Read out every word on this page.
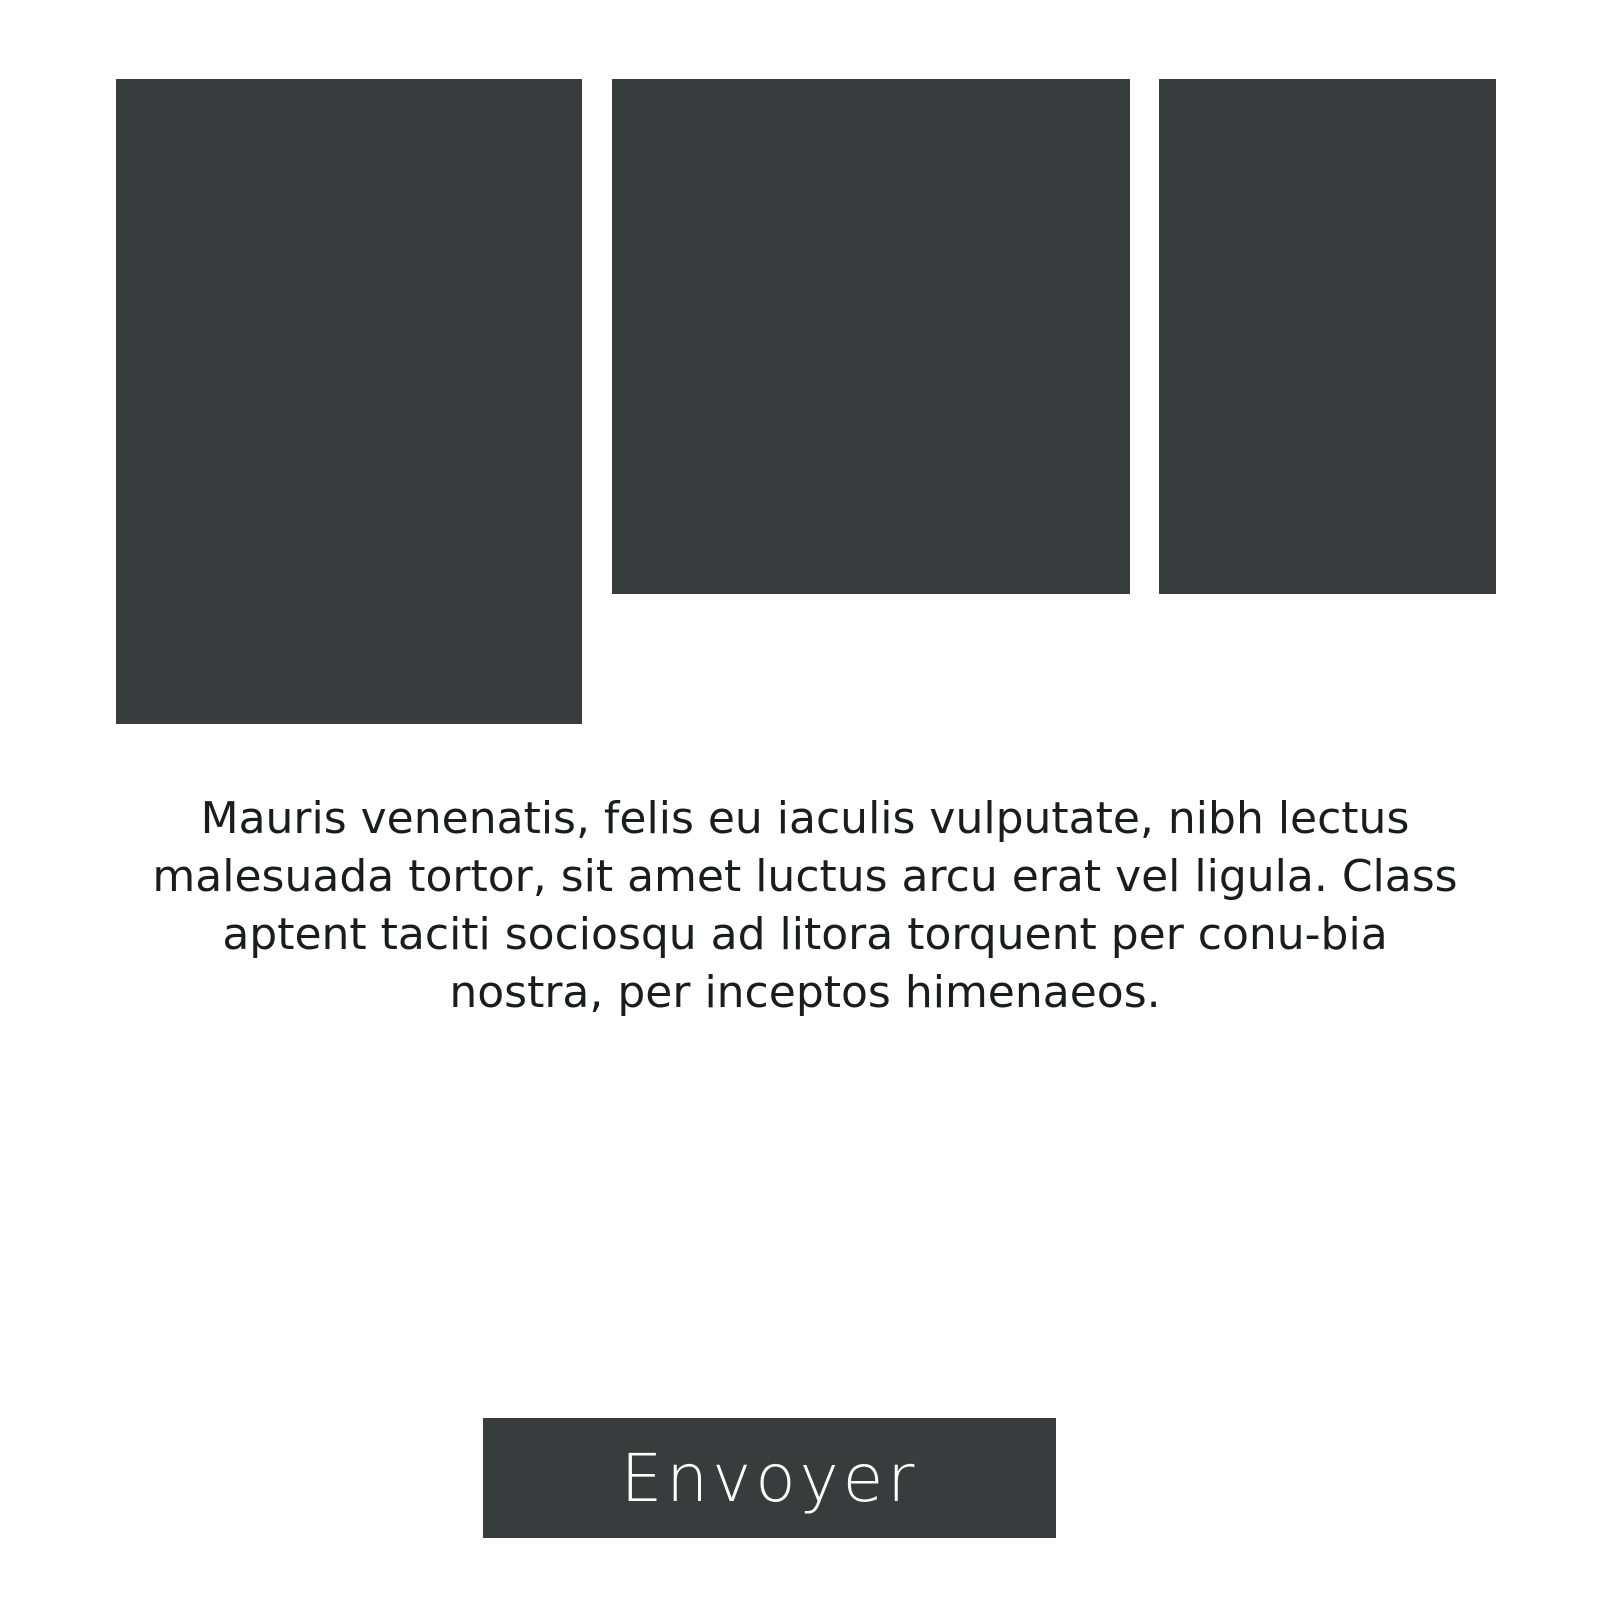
Mauris venenatis, felis eu iaculis vulputate, nibh lectus malesuada tortor, sit amet luctus arcu erat vel ligula. Class aptent taciti sociosqu ad litora torquent per conu-bia nostra, per inceptos himenaeos.

Envoyer
